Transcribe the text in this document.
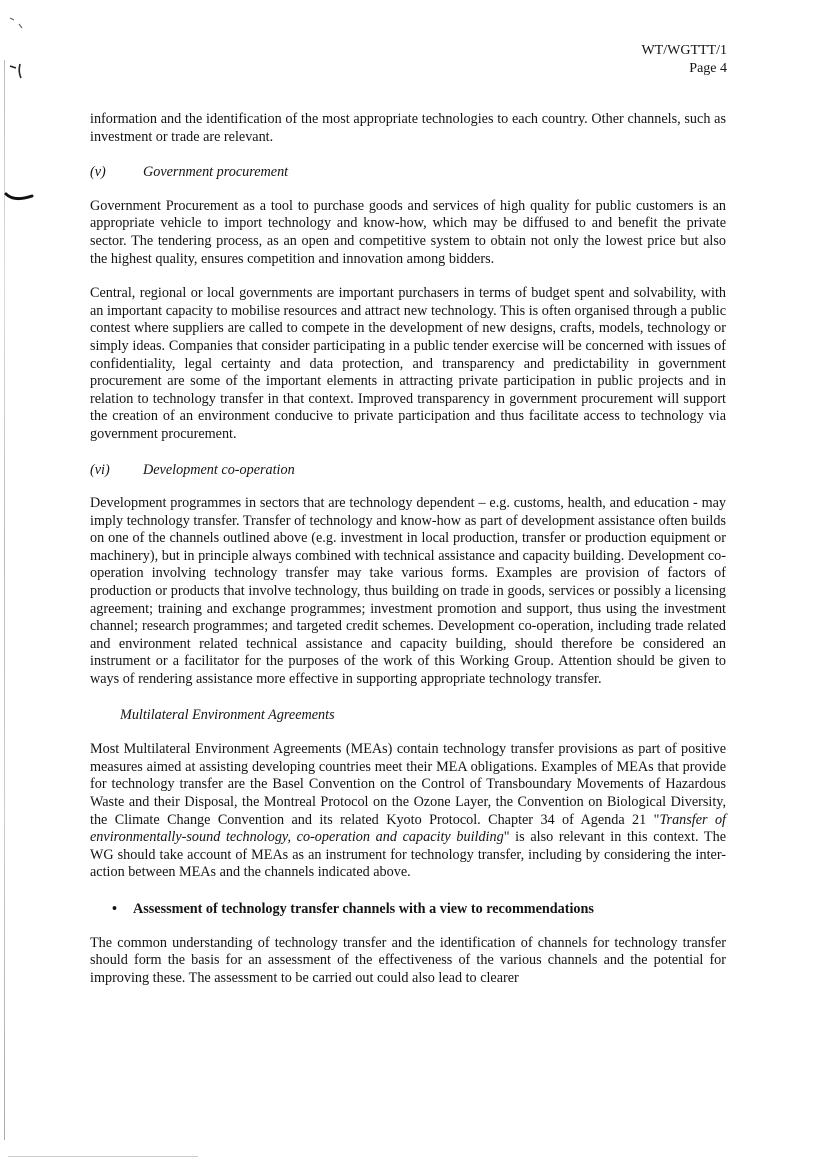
WT/WGTTT/1
Page 4

information and the identification of the most appropriate technologies to each country. Other channels, such as investment or trade are relevant.

(v)	Government procurement

Government Procurement as a tool to purchase goods and services of high quality for public customers is an appropriate vehicle to import technology and know-how, which may be diffused to and benefit the private sector. The tendering process, as an open and competitive system to obtain not only the lowest price but also the highest quality, ensures competition and innovation among bidders.

Central, regional or local governments are important purchasers in terms of budget spent and solvability, with an important capacity to mobilise resources and attract new technology. This is often organised through a public contest where suppliers are called to compete in the development of new designs, crafts, models, technology or simply ideas. Companies that consider participating in a public tender exercise will be concerned with issues of confidentiality, legal certainty and data protection, and transparency and predictability in government procurement are some of the important elements in attracting private participation in public projects and in relation to technology transfer in that context. Improved transparency in government procurement will support the creation of an environment conducive to private participation and thus facilitate access to technology via government procurement.

(vi) Development co-operation

Development programmes in sectors that are technology dependent – e.g. customs, health, and education - may imply technology transfer. Transfer of technology and know-how as part of development assistance often builds on one of the channels outlined above (e.g. investment in local production, transfer or production equipment or machinery), but in principle always combined with technical assistance and capacity building. Development co-operation involving technology transfer may take various forms. Examples are provision of factors of production or products that involve technology, thus building on trade in goods, services or possibly a licensing agreement; training and exchange programmes; investment promotion and support, thus using the investment channel; research programmes; and targeted credit schemes. Development co-operation, including trade related and environment related technical assistance and capacity building, should therefore be considered an instrument or a facilitator for the purposes of the work of this Working Group. Attention should be given to ways of rendering assistance more effective in supporting appropriate technology transfer.

Multilateral Environment Agreements

Most Multilateral Environment Agreements (MEAs) contain technology transfer provisions as part of positive measures aimed at assisting developing countries meet their MEA obligations. Examples of MEAs that provide for technology transfer are the Basel Convention on the Control of Transboundary Movements of Hazardous Waste and their Disposal, the Montreal Protocol on the Ozone Layer, the Convention on Biological Diversity, the Climate Change Convention and its related Kyoto Protocol. Chapter 34 of Agenda 21 "Transfer of environmentally-sound technology, co-operation and capacity building" is also relevant in this context. The WG should take account of MEAs as an instrument for technology transfer, including by considering the inter-action between MEAs and the channels indicated above.

• Assessment of technology transfer channels with a view to recommendations

The common understanding of technology transfer and the identification of channels for technology transfer should form the basis for an assessment of the effectiveness of the various channels and the potential for improving these. The assessment to be carried out could also lead to clearer
